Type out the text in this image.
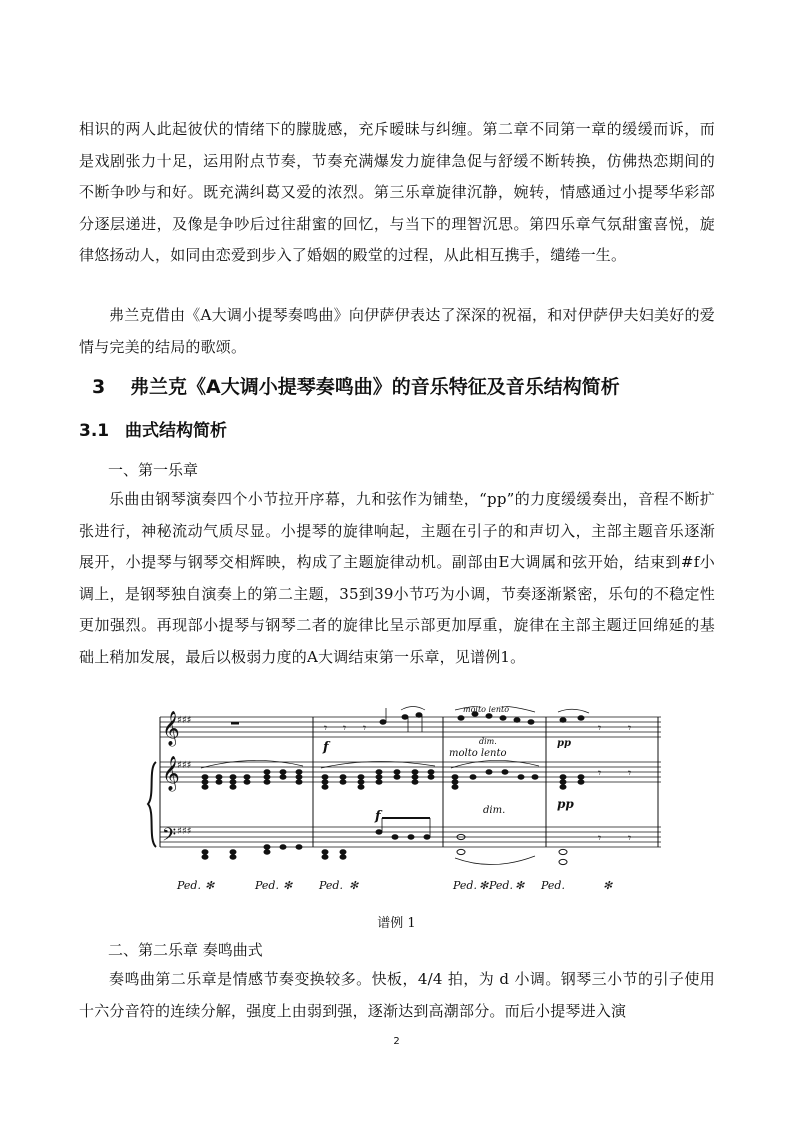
相识的两人此起彼伏的情绪下的朦胧感，充斥暧昧与纠缠。第二章不同第一章的缓缓而诉，而是戏剧张力十足，运用附点节奏，节奏充满爆发力旋律急促与舒缓不断转换，仿佛热恋期间的不断争吵与和好。既充满纠葛又爱的浓烈。第三乐章旋律沉静，婉转，情感通过小提琴华彩部分逐层递进，及像是争吵后过往甜蜜的回忆，与当下的理智沉思。第四乐章气氛甜蜜喜悦，旋律悠扬动人，如同由恋爱到步入了婚姻的殿堂的过程，从此相互携手，缱绻一生。

弗兰克借由《A大调小提琴奏鸣曲》向伊萨伊表达了深深的祝福，和对伊萨伊夫妇美好的爱情与完美的结局的歌颂。

3 弗兰克《A大调小提琴奏鸣曲》的音乐特征及音乐结构简析
3.1 曲式结构简析

一、第一乐章

乐曲由钢琴演奏四个小节拉开序幕，九和弦作为铺垫，“pp”的力度缓缓奏出，音程不断扩张进行，神秘流动气质尽显。小提琴的旋律响起，主题在引子的和声切入，主部主题音乐逐渐展开，小提琴与钢琴交相辉映，构成了主题旋律动机。副部由E大调属和弦开始，结束到#f小调上，是钢琴独自演奏上的第二主题，35到39小节巧为小调，节奏逐渐紧密，乐句的不稳定性更加强烈。再现部小提琴与钢琴二者的旋律比呈示部更加厚重，旋律在主部主题迂回绵延的基础上稍加发展，最后以极弱力度的A大调结束第一乐章，见谱例1。

𝄞
𝄞
𝄢
♯♯♯
♯♯♯
♯♯♯
𝄾 𝄾 𝄾	𝄾 𝄾
𝄾 𝄾
𝄾 𝄾
f
f
molto lento
dim.
molto lento
dim.
pp
pp
Ped. ✻	Ped. ✻ Ped. ✻	Ped. ✻ Ped. ✻ Ped.	✻

谱例 1

二、第二乐章 奏鸣曲式

奏鸣曲第二乐章是情感节奏变换较多。快板，4/4 拍，为 d 小调。钢琴三小节的引子使用十六分音符的连续分解，强度上由弱到强，逐渐达到高潮部分。而后小提琴进入演

2
